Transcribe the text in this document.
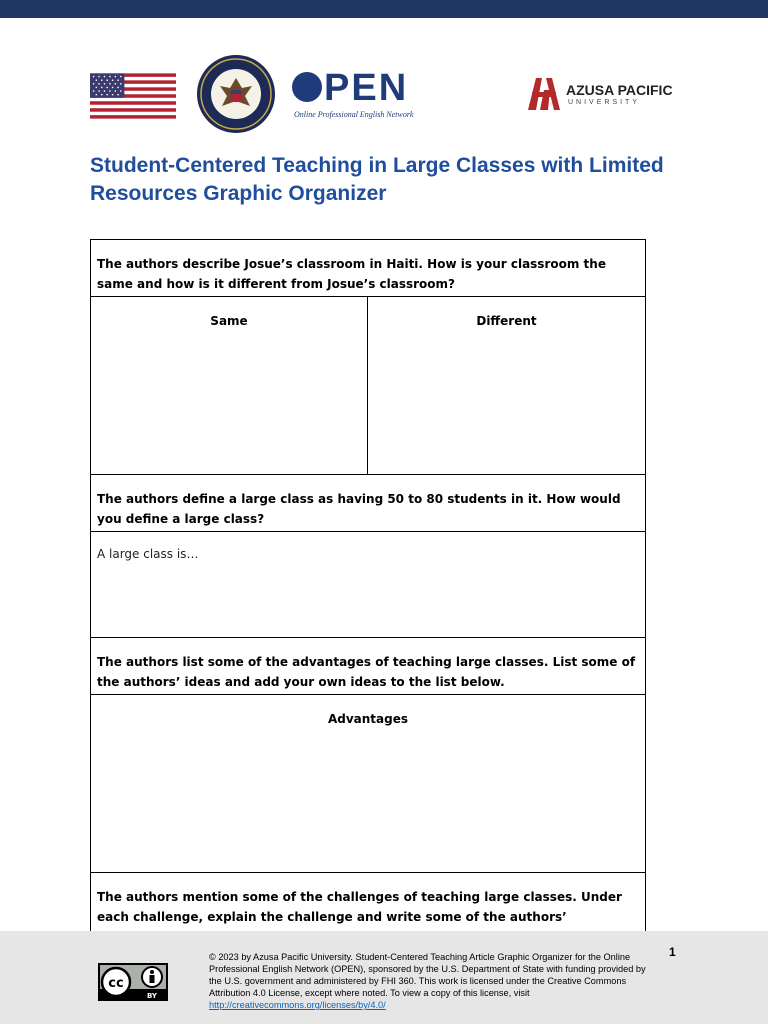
PEN
Online Professional English Network
AZUSA PACIFIC
UNIVERSITY
Student-Centered Teaching in Large Classes with Limited Resources Graphic Organizer
The authors describe Josue’s classroom in Haiti. How is your classroom the same and how is it different from Josue’s classroom?
Same	Different
The authors define a large class as having 50 to 80 students in it. How would you define a large class?
A large class is…
The authors list some of the advantages of teaching large classes. List some of the authors’ ideas and add your own ideas to the list below.
Advantages
The authors mention some of the challenges of teaching large classes. Under each challenge, explain the challenge and write some of the authors’
cc
BY
© 2023 by Azusa Pacific University. Student-Centered Teaching Article Graphic Organizer for the Online Professional English Network (OPEN), sponsored by the U.S. Department of State with funding provided by the U.S. government and administered by FHI 360. This work is licensed under the Creative Commons Attribution 4.0 License, except where noted. To view a copy of this license, visit http://creativecommons.org/licenses/by/4.0/
1
